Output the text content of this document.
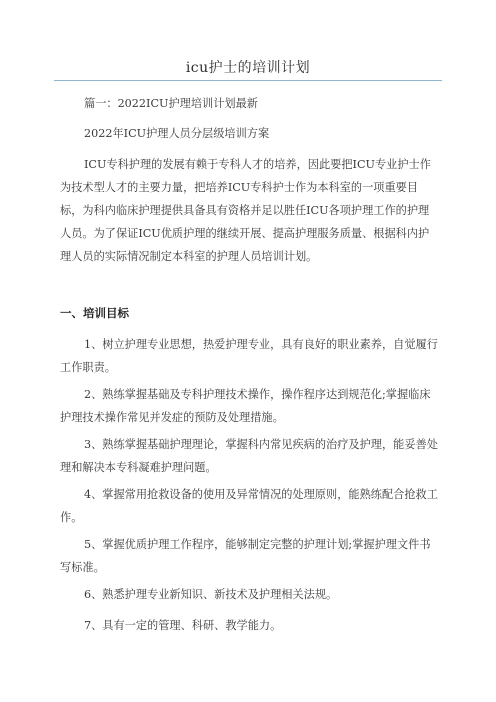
icu护士的培训计划
篇一：2022ICU护理培训计划最新
2022年ICU护理人员分层级培训方案
ICU专科护理的发展有赖于专科人才的培养，因此要把ICU专业护士作为技术型人才的主要力量，把培养ICU专科护士作为本科室的一项重要目标，为科内临床护理提供具备具有资格并足以胜任ICU各项护理工作的护理人员。为了保证ICU优质护理的继续开展、提高护理服务质量、根据科内护理人员的实际情况制定本科室的护理人员培训计划。
一、培训目标
1、树立护理专业思想，热爱护理专业，具有良好的职业素养，自觉履行工作职责。
2、熟练掌握基础及专科护理技术操作，操作程序达到规范化;掌握临床护理技术操作常见并发症的预防及处理措施。
3、熟练掌握基础护理理论，掌握科内常见疾病的治疗及护理，能妥善处理和解决本专科凝难护理问题。
4、掌握常用抢救设备的使用及异常情况的处理原则，能熟练配合抢救工作。
5、掌握优质护理工作程序，能够制定完整的护理计划;掌握护理文件书写标准。
6、熟悉护理专业新知识、新技术及护理相关法规。
7、具有一定的管理、科研、教学能力。
